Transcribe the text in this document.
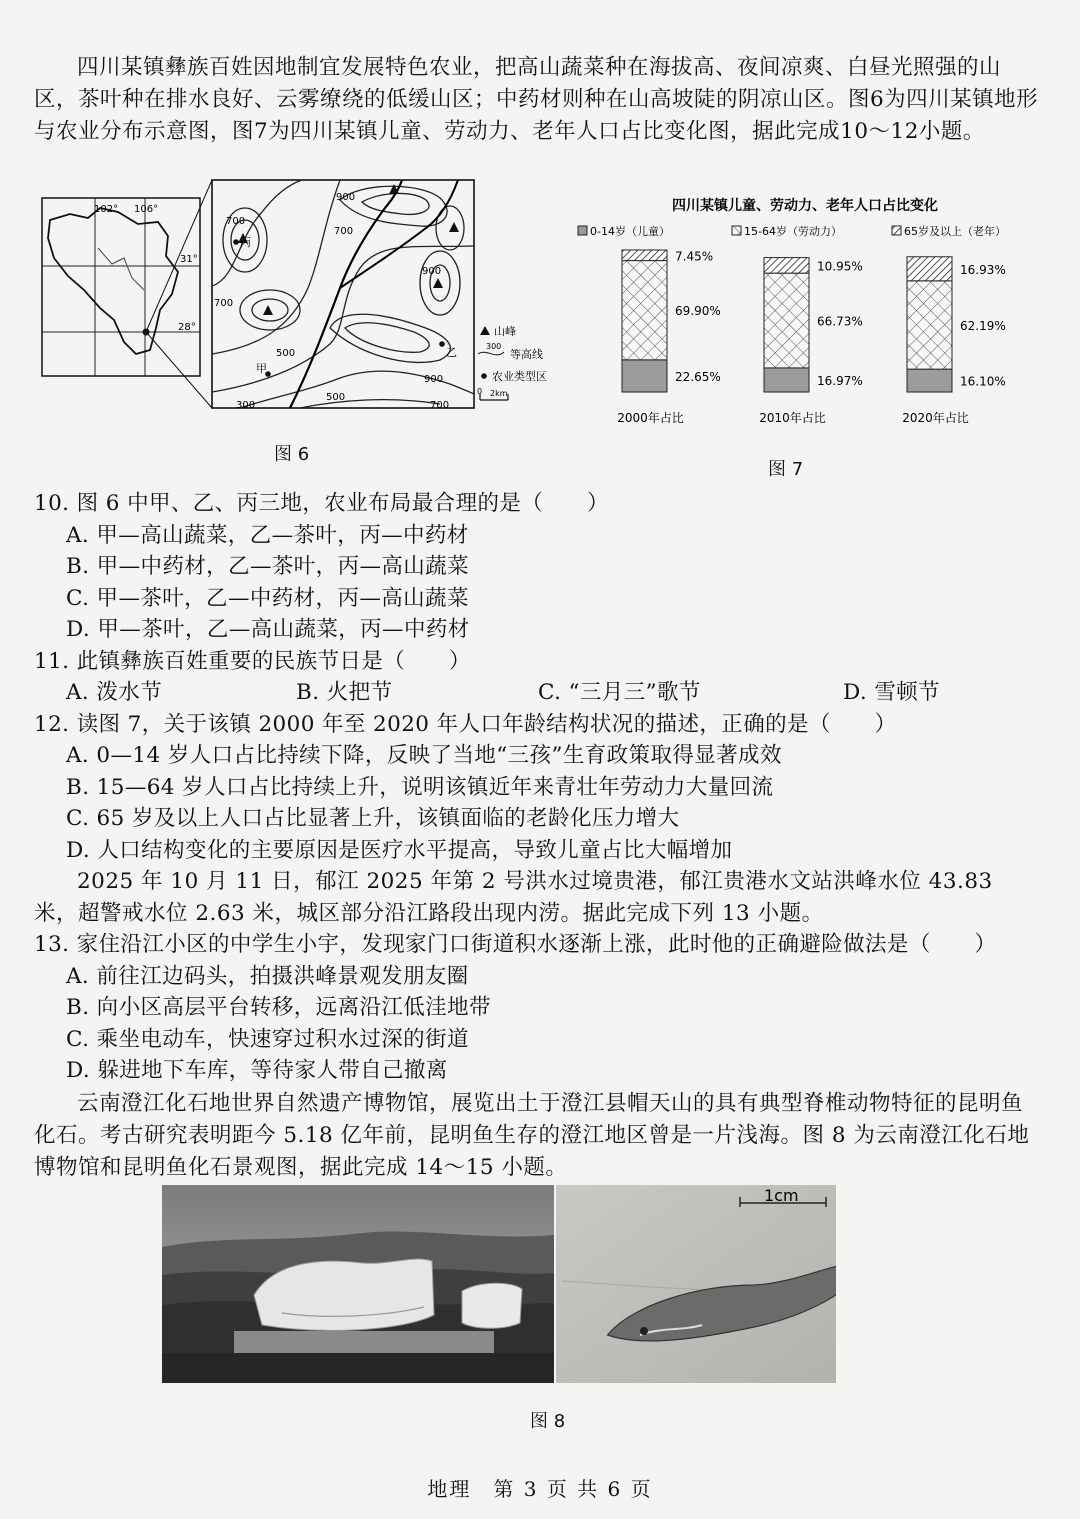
四川某镇彝族百姓因地制宜发展特色农业，把高山蔬菜种在海拔高、夜间凉爽、白昼光照强的山区，茶叶种在排水良好、云雾缭绕的低缓山区；中药材则种在山高坡陡的阴凉山区。图6为四川某镇地形与农业分布示意图，图7为四川某镇儿童、劳动力、老年人口占比变化图，据此完成10～12小题。

102° 106°
31°
28°
700
900
700
900
700
500
300
500
700
900
丙
甲
乙
山峰
300
等高线
农业类型区
0 2km
图 6
四川某镇儿童、劳动力、老年人口占比变化
0-14岁（儿童）	15-64岁（劳动力）	65岁及以上（老年）
22.65%
69.90%
7.45%
2000年占比
16.97%
66.73%
10.95%
2010年占比
16.10%
62.19%
16.93%
2020年占比
图 7
10. 图 6 中甲、乙、丙三地，农业布局最合理的是（　　）
A. 甲—高山蔬菜，乙—茶叶，丙—中药材
B. 甲—中药材，乙—茶叶，丙—高山蔬菜
C. 甲—茶叶，乙—中药材，丙—高山蔬菜
D. 甲—茶叶，乙—高山蔬菜，丙—中药材
11. 此镇彝族百姓重要的民族节日是（　　）
A. 泼水节	B. 火把节	C. “三月三”歌节	D. 雪顿节
12. 读图 7，关于该镇 2000 年至 2020 年人口年龄结构状况的描述，正确的是（　　）
A. 0—14 岁人口占比持续下降，反映了当地“三孩”生育政策取得显著成效
B. 15—64 岁人口占比持续上升，说明该镇近年来青壮年劳动力大量回流
C. 65 岁及以上人口占比显著上升，该镇面临的老龄化压力增大
D. 人口结构变化的主要原因是医疗水平提高，导致儿童占比大幅增加

2025 年 10 月 11 日，郁江 2025 年第 2 号洪水过境贵港，郁江贵港水文站洪峰水位 43.83 米，超警戒水位 2.63 米，城区部分沿江路段出现内涝。据此完成下列 13 小题。

13. 家住沿江小区的中学生小宇，发现家门口街道积水逐渐上涨，此时他的正确避险做法是（　　）
A. 前往江边码头，拍摄洪峰景观发朋友圈
B. 向小区高层平台转移，远离沿江低洼地带
C. 乘坐电动车，快速穿过积水过深的街道
D. 躲进地下车库，等待家人带自己撤离

云南澄江化石地世界自然遗产博物馆，展览出土于澄江县帽天山的具有典型脊椎动物特征的昆明鱼化石。考古研究表明距今 5.18 亿年前，昆明鱼生存的澄江地区曾是一片浅海。图 8 为云南澄江化石地博物馆和昆明鱼化石景观图，据此完成 14～15 小题。

1cm
图 8
地理　第 3 页 共 6 页
